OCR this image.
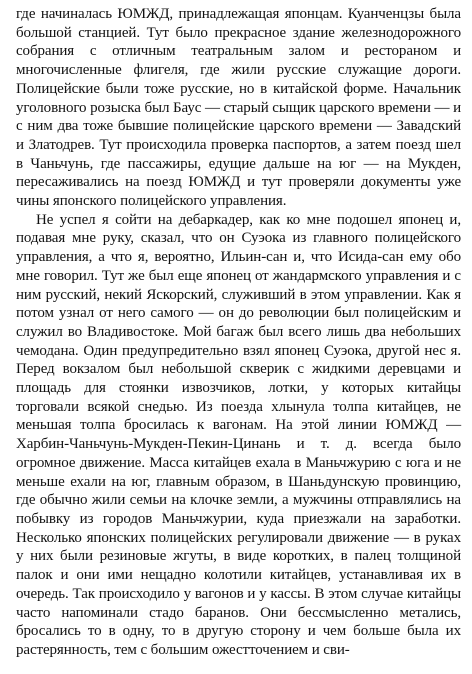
где начиналась ЮМЖД, принадлежащая японцам. Куанченцзы была большой станцией. Тут было прекрасное здание железнодорожного собрания с отличным театральным залом и рестораном и многочисленные флигеля, где жили русские служащие дороги. Полицейские были тоже русские, но в китайской форме. Начальник уголовного розыска был Баус — старый сыщик царского времени — и с ним два тоже бывшие полицейские царского времени — Завадский и Златодрев. Тут происходила проверка паспортов, а затем поезд шел в Чаньчунь, где пассажиры, едущие дальше на юг — на Мукден, пересаживались на поезд ЮМЖД и тут проверяли документы уже чины японского полицейского управления.

Не успел я сойти на дебаркадер, как ко мне подошел японец и, подавая мне руку, сказал, что он Суэока из главного полицейского управления, а что я, вероятно, Ильин-сан и, что Исида-сан ему обо мне говорил. Тут же был еще японец от жандармского управления и с ним русский, некий Яскорский, служивший в этом управлении. Как я потом узнал от него самого — он до революции был полицейским и служил во Владивостоке. Мой багаж был всего лишь два небольших чемодана. Один предупредительно взял японец Суэока, другой нес я. Перед вокзалом был небольшой скверик с жидкими деревцами и площадь для стоянки извозчиков, лотки, у которых китайцы торговали всякой снедью. Из поезда хлынула толпа китайцев, не меньшая толпа бросилась к вагонам. На этой линии ЮМЖД — Харбин-Чаньчунь-Мукден-Пекин-Цинань и т. д. всегда было огромное движение. Масса китайцев ехала в Маньчжурию с юга и не меньше ехали на юг, главным образом, в Шаньдунскую провинцию, где обычно жили семьи на клочке земли, а мужчины отправлялись на побывку из городов Маньчжурии, куда приезжали на заработки. Несколько японских полицейских регулировали движение — в руках у них были резиновые жгуты, в виде коротких, в палец толщиной палок и они ими нещадно колотили китайцев, устанавливая их в очередь. Так происходило у вагонов и у кассы. В этом случае китайцы часто напоминали стадо баранов. Они бессмысленно метались, бросались то в одну, то в другую сторону и чем больше была их растерянность, тем с большим ожестточением и сви-
